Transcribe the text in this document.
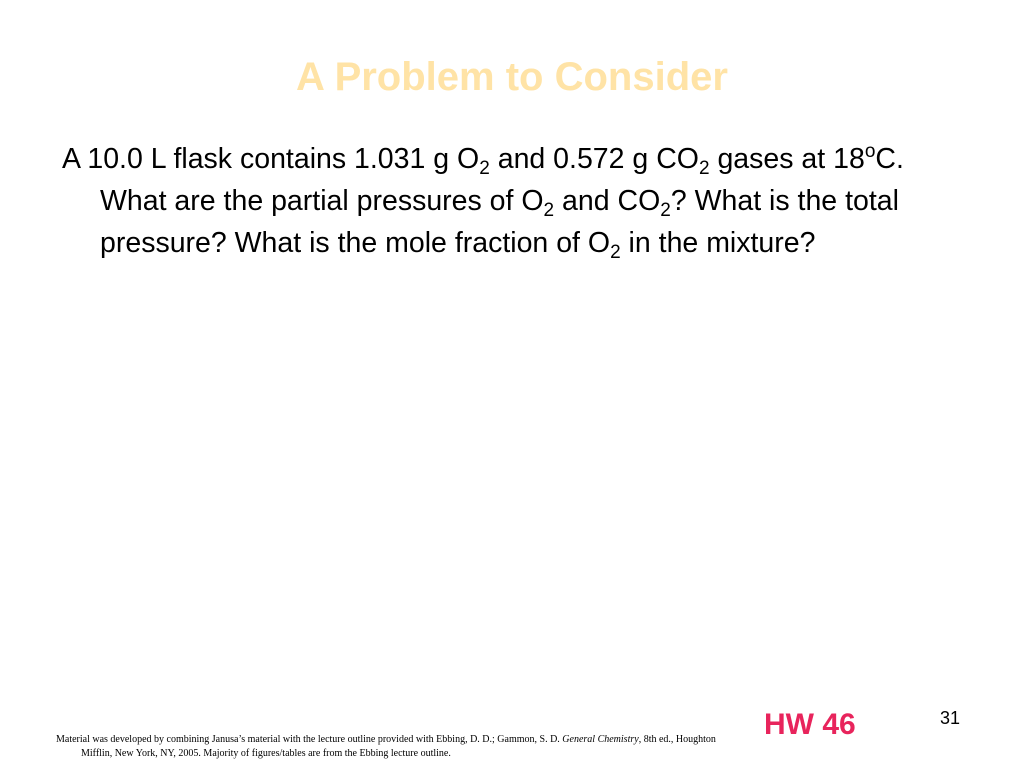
A Problem to Consider

A 10.0 L flask contains 1.031 g $O_2$ and 0.572 g $CO_2$ gases at 18$^o$C. What are the partial pressures of $O_2$ and $CO_2$? What is the total pressure? What is the mole fraction of $O_2$ in the mixture?

Material was developed by combining Janusa’s material with the lecture outline provided with Ebbing, D. D.; Gammon, S. D. General Chemistry, 8th ed., Houghton Mifflin, New York, NY, 2005. Majority of figures/tables are from the Ebbing lecture outline.
HW 46	31
